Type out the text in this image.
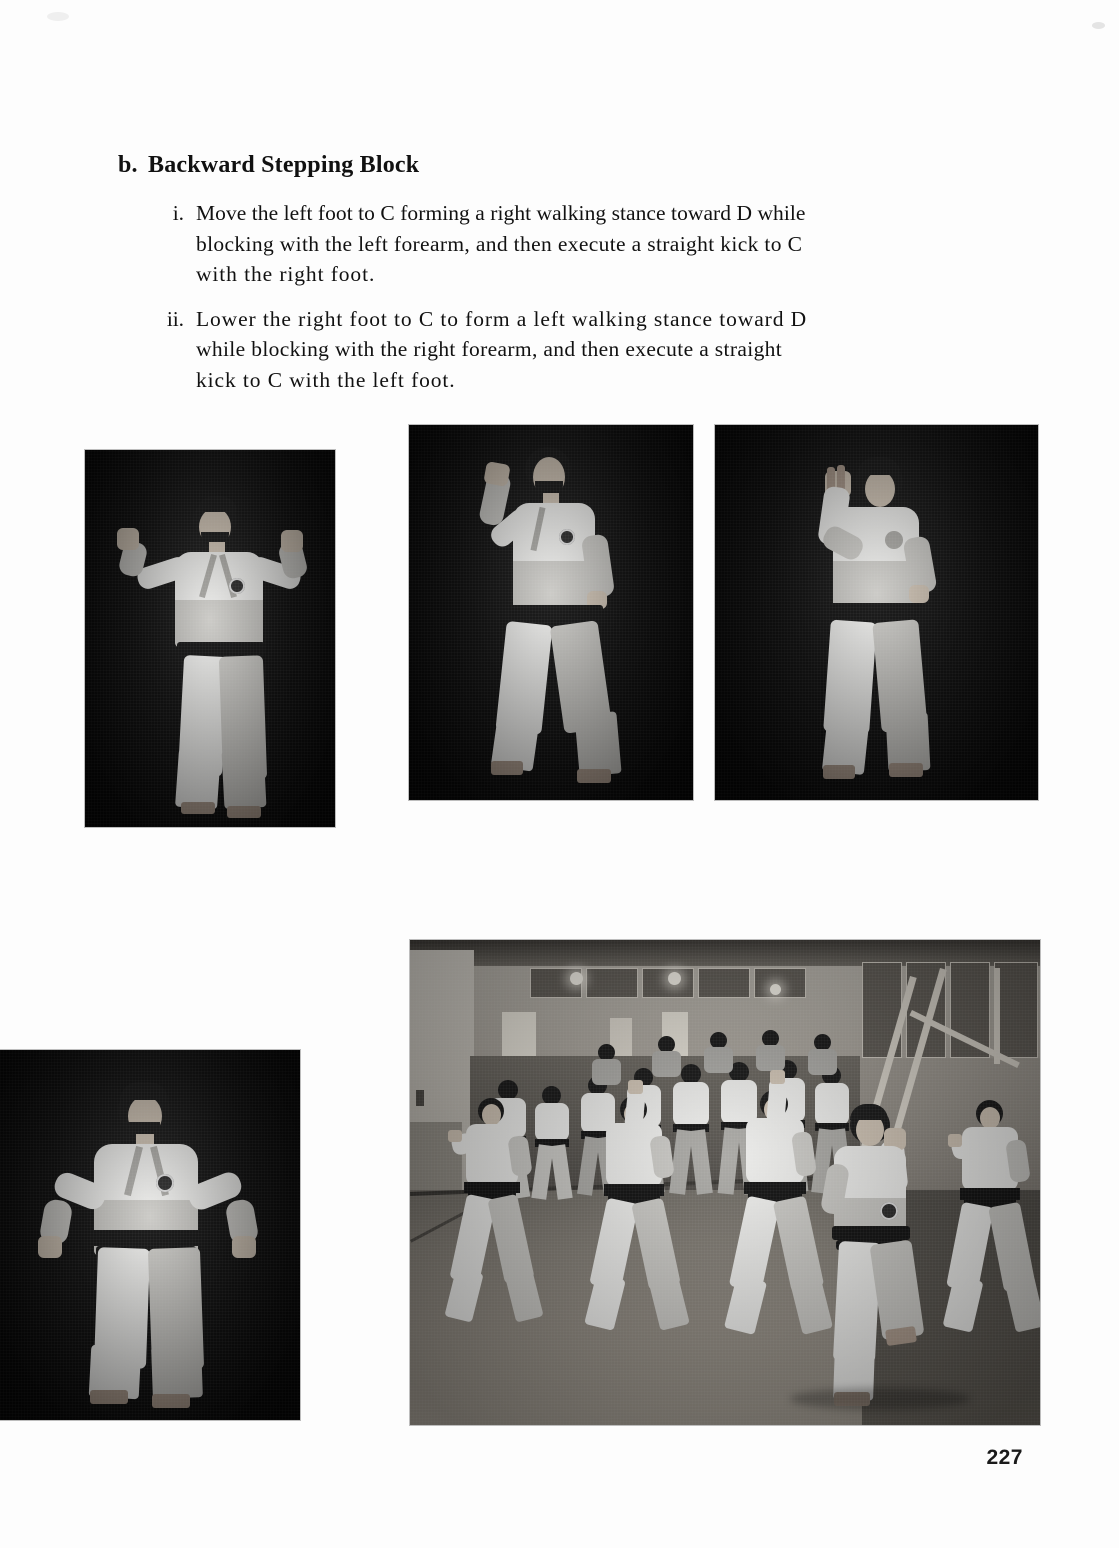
b. Backward Stepping Block
i. Move the left foot to C forming a right walking stance toward D while
blocking with the left forearm, and then execute a straight kick to C
with the right foot.
ii. Lower the right foot to C to form a left walking stance toward D
while blocking with the right forearm, and then execute a straight
kick to C with the left foot.
227
